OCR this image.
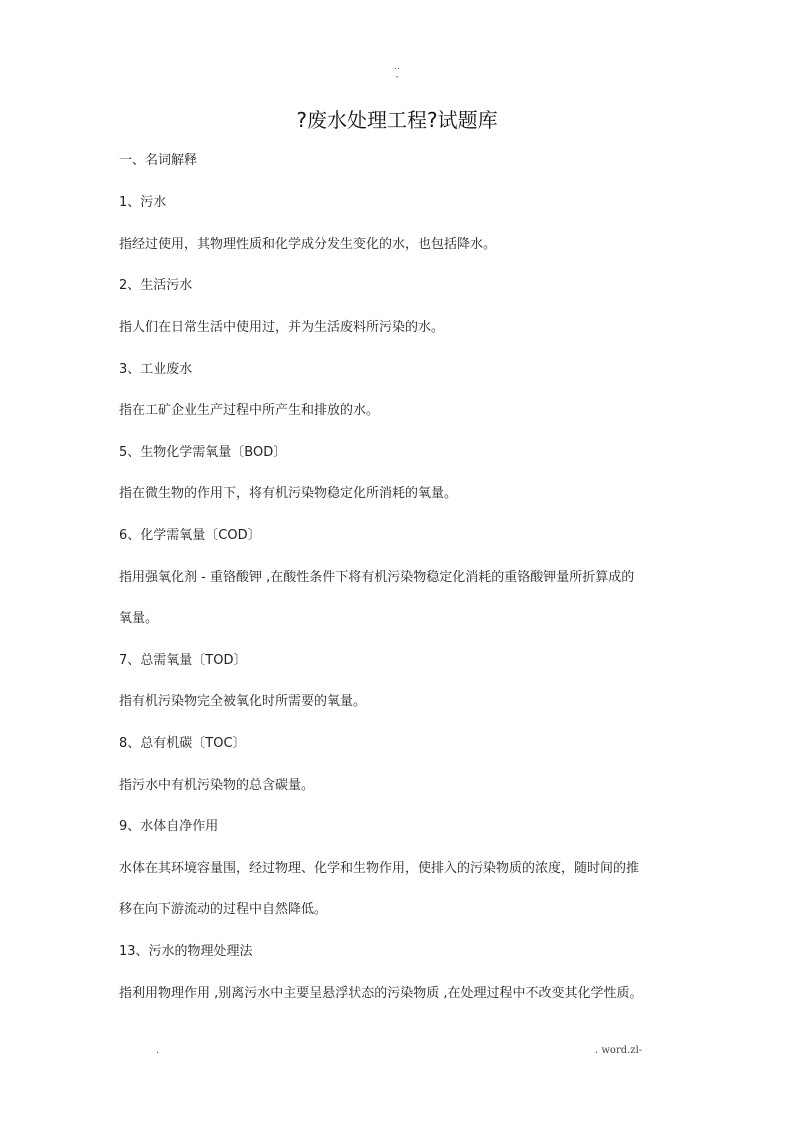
..
-
?废水处理工程?试题库
一、名词解释
1、污水
指经过使用，其物理性质和化学成分发生变化的水，也包括降水。
2、生活污水
指人们在日常生活中使用过，并为生活废料所污染的水。
3、工业废水
指在工矿企业生产过程中所产生和排放的水。
5、生物化学需氧量〔BOD〕
指在微生物的作用下，将有机污染物稳定化所消耗的氧量。
6、化学需氧量〔COD〕
指用强氧化剂 - 重铬酸钾 ,在酸性条件下将有机污染物稳定化消耗的重铬酸钾量所折算成的
氧量。
7、总需氧量〔TOD〕
指有机污染物完全被氧化时所需要的氧量。
8、总有机碳〔TOC〕
指污水中有机污染物的总含碳量。
9、水体自净作用
水体在其环境容量围，经过物理、化学和生物作用，使排入的污染物质的浓度，随时间的推
移在向下游流动的过程中自然降低。
13、污水的物理处理法
指利用物理作用 ,别离污水中主要呈悬浮状态的污染物质 ,在处理过程中不改变其化学性质。
.	. word.zl-
